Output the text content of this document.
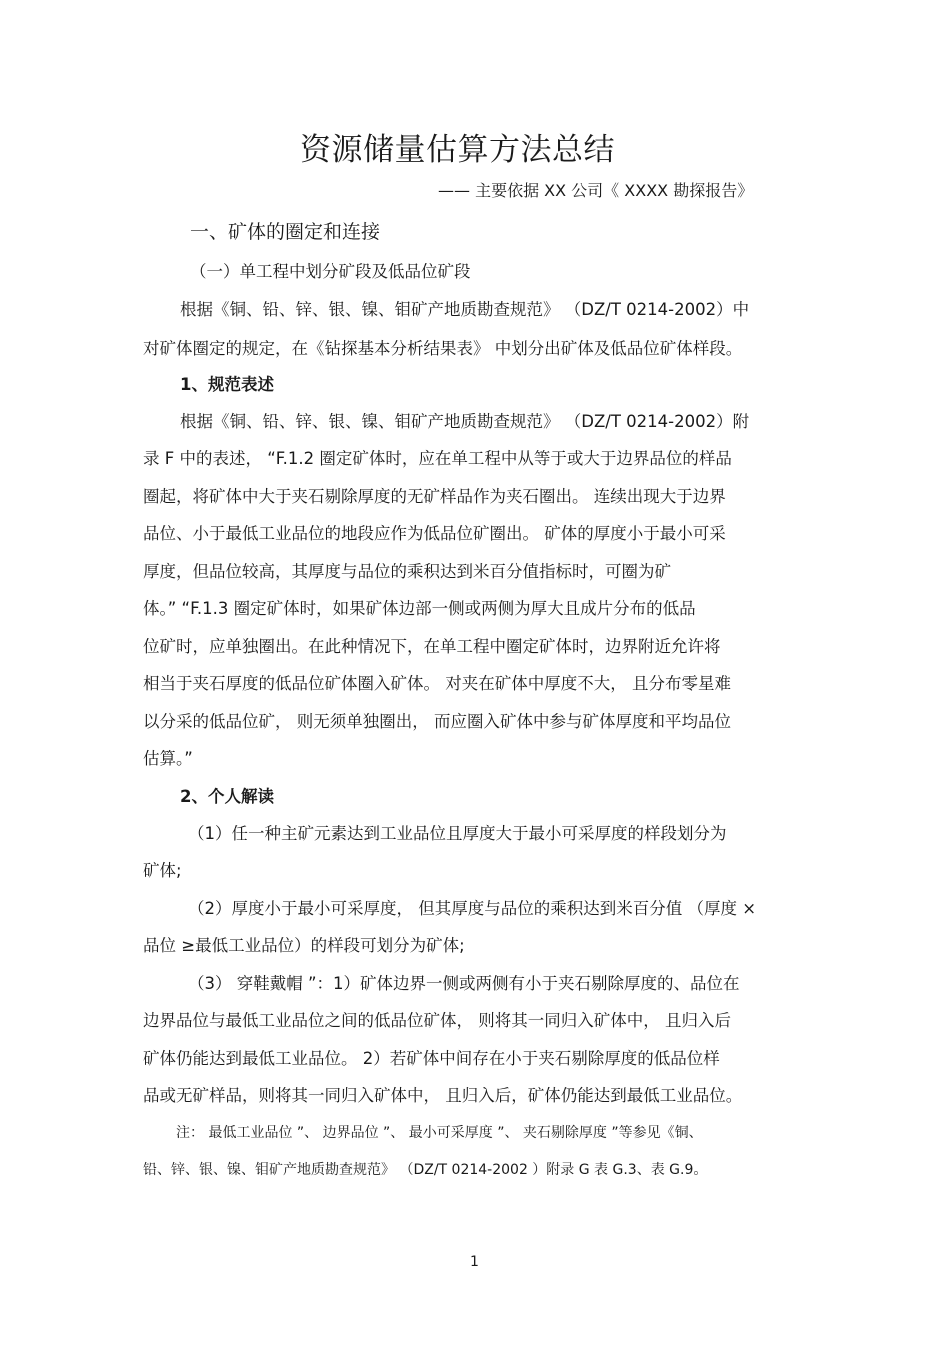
资源储量估算方法总结
—— 主要依据 XX 公司《 XXXX 勘探报告》
一、矿体的圈定和连接
（一）单工程中划分矿段及低品位矿段
根据《铜、铅、锌、银、镍、钼矿产地质勘查规范》 （DZ/T 0214-2002）中
对矿体圈定的规定，在《钻探基本分析结果表》 中划分出矿体及低品位矿体样段。
1、规范表述
根据《铜、铅、锌、银、镍、钼矿产地质勘查规范》 （DZ/T 0214-2002）附
录 F 中的表述， “F.1.2 圈定矿体时，应在单工程中从等于或大于边界品位的样品
圈起，将矿体中大于夹石剔除厚度的无矿样品作为夹石圈出。 连续出现大于边界
品位、小于最低工业品位的地段应作为低品位矿圈出。 矿体的厚度小于最小可采
厚度，但品位较高，其厚度与品位的乘积达到米百分值指标时，可圈为矿
体。” “F.1.3 圈定矿体时，如果矿体边部一侧或两侧为厚大且成片分布的低品
位矿时，应单独圈出。在此种情况下，在单工程中圈定矿体时，边界附近允许将
相当于夹石厚度的低品位矿体圈入矿体。 对夹在矿体中厚度不大， 且分布零星难
以分采的低品位矿， 则无须单独圈出， 而应圈入矿体中参与矿体厚度和平均品位
估算。”
2、个人解读
（1）任一种主矿元素达到工业品位且厚度大于最小可采厚度的样段划分为
矿体;
（2）厚度小于最小可采厚度， 但其厚度与品位的乘积达到米百分值 （厚度 ×
品位 ≥最低工业品位）的样段可划分为矿体;
（3） 穿鞋戴帽 ”：1）矿体边界一侧或两侧有小于夹石剔除厚度的、品位在
边界品位与最低工业品位之间的低品位矿体， 则将其一同归入矿体中， 且归入后
矿体仍能达到最低工业品位。 2）若矿体中间存在小于夹石剔除厚度的低品位样
品或无矿样品，则将其一同归入矿体中， 且归入后，矿体仍能达到最低工业品位。
注： 最低工业品位 ”、 边界品位 ”、 最小可采厚度 ”、 夹石剔除厚度 ”等参见《铜、
铅、锌、银、镍、钼矿产地质勘查规范》 （DZ/T 0214-2002 ）附录 G 表 G.3、表 G.9。
1
